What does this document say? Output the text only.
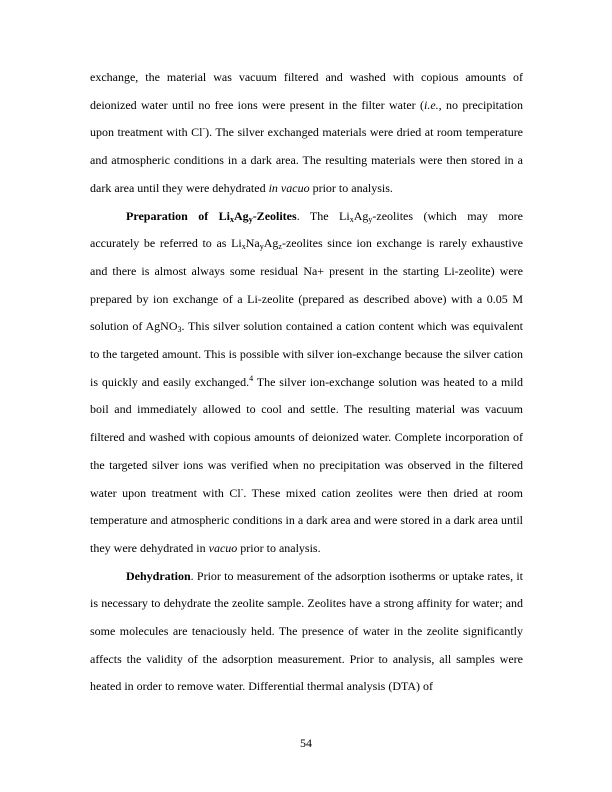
exchange, the material was vacuum filtered and washed with copious amounts of deionized water until no free ions were present in the filter water (i.e., no precipitation upon treatment with Cl-). The silver exchanged materials were dried at room temperature and atmospheric conditions in a dark area. The resulting materials were then stored in a dark area until they were dehydrated in vacuo prior to analysis.

Preparation of $Li_xAg_y$-Zeolites. The $Li_xAg_y$-zeolites (which may more accurately be referred to as $Li_xNa_yAg_z$-zeolites since ion exchange is rarely exhaustive and there is almost always some residual Na+ present in the starting Li-zeolite) were prepared by ion exchange of a Li-zeolite (prepared as described above) with a 0.05 M solution of AgNO$_3$. This silver solution contained a cation content which was equivalent to the targeted amount. This is possible with silver ion-exchange because the silver cation is quickly and easily exchanged.$^4$ The silver ion-exchange solution was heated to a mild boil and immediately allowed to cool and settle. The resulting material was vacuum filtered and washed with copious amounts of deionized water. Complete incorporation of the targeted silver ions was verified when no precipitation was observed in the filtered water upon treatment with Cl-. These mixed cation zeolites were then dried at room temperature and atmospheric conditions in a dark area and were stored in a dark area until they were dehydrated in vacuo prior to analysis.

Dehydration. Prior to measurement of the adsorption isotherms or uptake rates, it is necessary to dehydrate the zeolite sample. Zeolites have a strong affinity for water; and some molecules are tenaciously held. The presence of water in the zeolite significantly affects the validity of the adsorption measurement. Prior to analysis, all samples were heated in order to remove water. Differential thermal analysis (DTA) of

54
